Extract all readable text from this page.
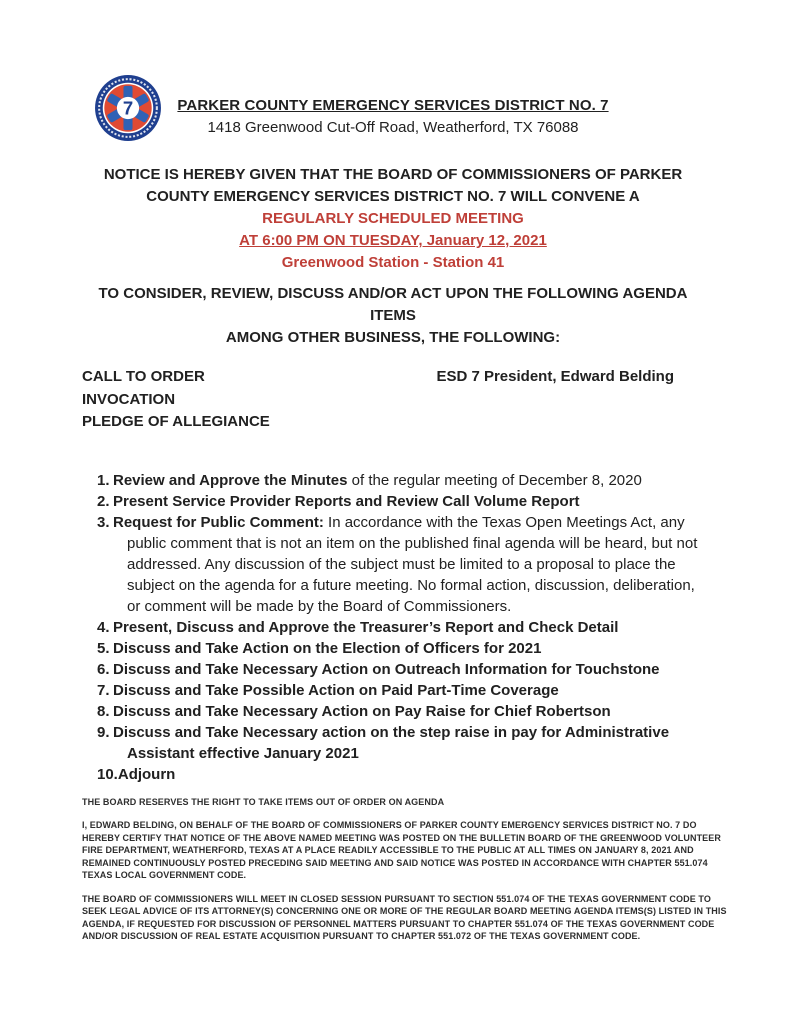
7	PARKER COUNTY EMERGENCY SERVICES DISTRICT NO. 7
1418 Greenwood Cut-Off Road, Weatherford, TX 76088
NOTICE IS HEREBY GIVEN THAT THE BOARD OF COMMISSIONERS OF PARKER
COUNTY EMERGENCY SERVICES DISTRICT NO. 7 WILL CONVENE A
REGULARLY SCHEDULED MEETING
AT 6:00 PM ON TUESDAY, January 12, 2021
Greenwood Station - Station 41
TO CONSIDER, REVIEW, DISCUSS AND/OR ACT UPON THE FOLLOWING AGENDA ITEMS
AMONG OTHER BUSINESS, THE FOLLOWING:
CALL TO ORDER	ESD 7 President, Edward Belding
INVOCATION
PLEDGE OF ALLEGIANCE
1. Review and Approve the Minutes of the regular meeting of December 8, 2020
2. Present Service Provider Reports and Review Call Volume Report
3. Request for Public Comment: In accordance with the Texas Open Meetings Act, any public comment that is not an item on the published final agenda will be heard, but not addressed. Any discussion of the subject must be limited to a proposal to place the subject on the agenda for a future meeting. No formal action, discussion, deliberation, or comment will be made by the Board of Commissioners.
4. Present, Discuss and Approve the Treasurer’s Report and Check Detail
5. Discuss and Take Action on the Election of Officers for 2021
6. Discuss and Take Necessary Action on Outreach Information for Touchstone
7. Discuss and Take Possible Action on Paid Part-Time Coverage
8. Discuss and Take Necessary Action on Pay Raise for Chief Robertson
9. Discuss and Take Necessary action on the step raise in pay for Administrative Assistant effective January 2021
10. Adjourn

THE BOARD RESERVES THE RIGHT TO TAKE ITEMS OUT OF ORDER ON AGENDA

I, EDWARD BELDING, ON BEHALF OF THE BOARD OF COMMISSIONERS OF PARKER COUNTY EMERGENCY SERVICES DISTRICT NO. 7 DO HEREBY CERTIFY THAT NOTICE OF THE ABOVE NAMED MEETING WAS POSTED ON THE BULLETIN BOARD OF THE GREENWOOD VOLUNTEER FIRE DEPARTMENT, WEATHERFORD, TEXAS AT A PLACE READILY ACCESSIBLE TO THE PUBLIC AT ALL TIMES ON JANUARY 8, 2021 AND REMAINED CONTINUOUSLY POSTED PRECEDING SAID MEETING AND SAID NOTICE WAS POSTED IN ACCORDANCE WITH CHAPTER 551.074 TEXAS LOCAL GOVERNMENT CODE.

THE BOARD OF COMMISSIONERS WILL MEET IN CLOSED SESSION PURSUANT TO SECTION 551.074 OF THE TEXAS GOVERNMENT CODE TO SEEK LEGAL ADVICE OF ITS ATTORNEY(S) CONCERNING ONE OR MORE OF THE REGULAR BOARD MEETING AGENDA ITEMS(S) LISTED IN THIS AGENDA, IF REQUESTED FOR DISCUSSION OF PERSONNEL MATTERS PURSUANT TO CHAPTER 551.074 OF THE TEXAS GOVERNMENT CODE AND/OR DISCUSSION OF REAL ESTATE ACQUISITION PURSUANT TO CHAPTER 551.072 OF THE TEXAS GOVERNMENT CODE.
